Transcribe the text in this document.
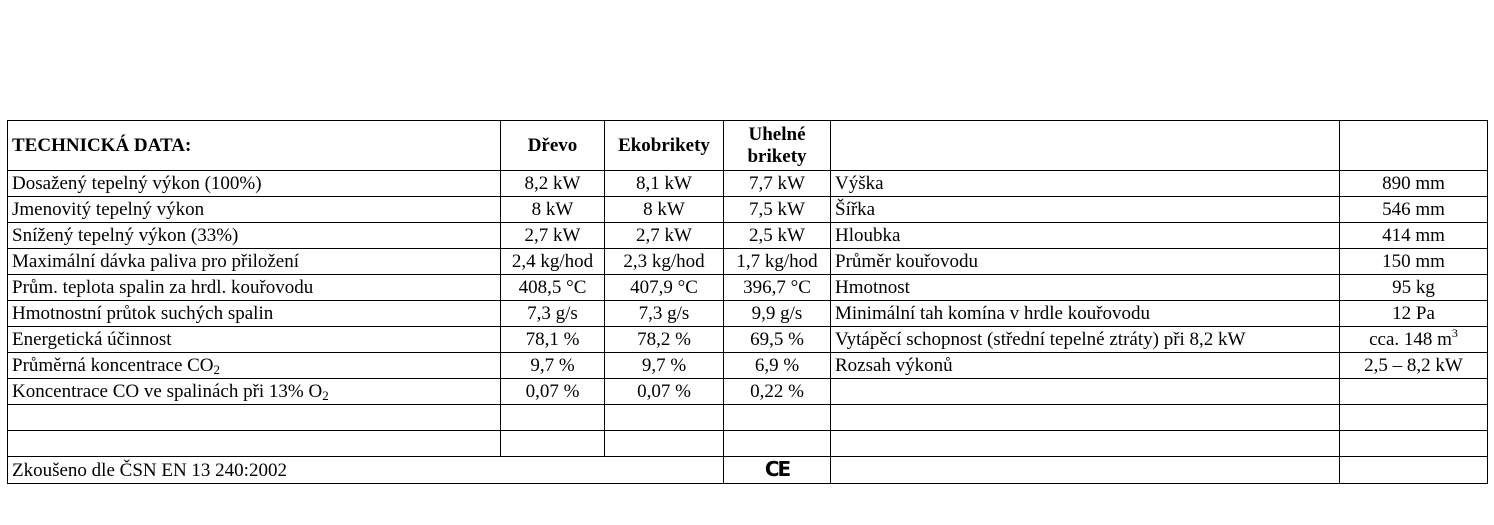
TECHNICKÁ DATA:	Dřevo	Ekobrikety	Uhelné
brikety		
Dosažený tepelný výkon (100%)	8,2 kW	8,1 kW	7,7 kW	Výška	890 mm
Jmenovitý tepelný výkon	8 kW	8 kW	7,5 kW	Šířka	546 mm
Snížený tepelný výkon (33%)	2,7 kW	2,7 kW	2,5 kW	Hloubka	414 mm
Maximální dávka paliva pro přiložení	2,4 kg/hod	2,3 kg/hod	1,7 kg/hod	Průměr kouřovodu	150 mm
Prům. teplota spalin za hrdl. kouřovodu	408,5 °C	407,9 °C	396,7 °C	Hmotnost	95 kg
Hmotnostní průtok suchých spalin	7,3 g/s	7,3 g/s	9,9 g/s	Minimální tah komína v hrdle kouřovodu	12 Pa
Energetická účinnost	78,1 %	78,2 %	69,5 %	Vytápěcí schopnost (střední tepelné ztráty) při 8,2 kW	cca. 148 $m^3$
Průměrná koncentrace $CO_2$	9,7 %	9,7 %	6,9 %	Rozsah výkonů	2,5 – 8,2 kW
Koncentrace CO ve spalinách při 13% $O_2$	0,07 %	0,07 %	0,22 %		

Zkoušeno dle ČSN EN 13 240:2002			CE		
